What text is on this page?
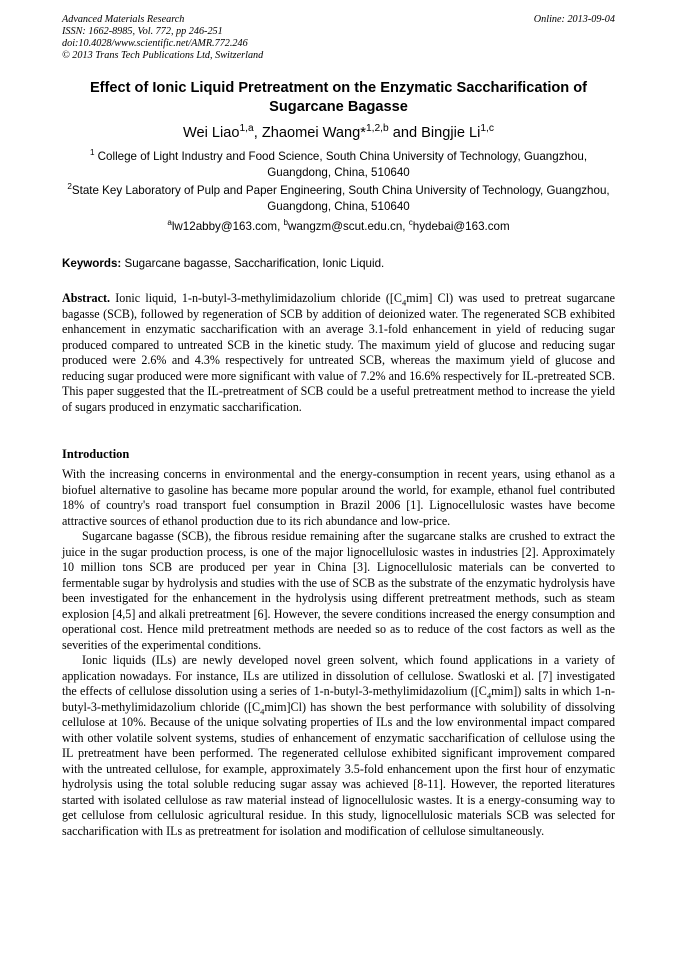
Advanced Materials Research
ISSN: 1662-8985, Vol. 772, pp 246-251
doi:10.4028/www.scientific.net/AMR.772.246
© 2013 Trans Tech Publications Ltd, Switzerland
Online: 2013-09-04
Effect of Ionic Liquid Pretreatment on the Enzymatic Saccharification of
Sugarcane Bagasse
Wei Liao$^{1,a}$, Zhaomei Wang*$^{1,2,b}$ and Bingjie Li$^{1,c}$
$^1$ College of Light Industry and Food Science, South China University of Technology, Guangzhou, Guangdong, China, 510640
$^2$State Key Laboratory of Pulp and Paper Engineering, South China University of Technology, Guangzhou, Guangdong, China, 510640
$^a$lw12abby@163.com, $^b$wangzm@scut.edu.cn, $^c$hydebai@163.com
Keywords: Sugarcane bagasse, Saccharification, Ionic Liquid.
Abstract. Ionic liquid, 1-n-butyl-3-methylimidazolium chloride ($[C_4mim]$ Cl) was used to pretreat sugarcane bagasse (SCB), followed by regeneration of SCB by addition of deionized water. The regenerated SCB exhibited enhancement in enzymatic saccharification with an average 3.1-fold enhancement in yield of reducing sugar produced compared to untreated SCB in the kinetic study. The maximum yield of glucose and reducing sugar produced were 2.6% and 4.3% respectively for untreated SCB, whereas the maximum yield of glucose and reducing sugar produced were more significant with value of 7.2% and 16.6% respectively for IL-pretreated SCB. This paper suggested that the IL-pretreatment of SCB could be a useful pretreatment method to increase the yield of sugars produced in enzymatic saccharification.
Introduction

With the increasing concerns in environmental and the energy-consumption in recent years, using ethanol as a biofuel alternative to gasoline has became more popular around the world, for example, ethanol fuel contributed 18% of country's road transport fuel consumption in Brazil 2006 [1]. Lignocellulosic wastes have become attractive sources of ethanol production due to its rich abundance and low-price.

Sugarcane bagasse (SCB), the fibrous residue remaining after the sugarcane stalks are crushed to extract the juice in the sugar production process, is one of the major lignocellulosic wastes in industries [2]. Approximately 10 million tons SCB are produced per year in China [3]. Lignocellulosic materials can be converted to fermentable sugar by hydrolysis and studies with the use of SCB as the substrate of the enzymatic hydrolysis have been investigated for the enhancement in the hydrolysis using different pretreatment methods, such as steam explosion [4,5] and alkali pretreatment [6]. However, the severe conditions increased the energy consumption and operational cost. Hence mild pretreatment methods are needed so as to reduce of the cost factors as well as the severities of the experimental conditions.

Ionic liquids (ILs) are newly developed novel green solvent, which found applications in a variety of application nowadays. For instance, ILs are utilized in dissolution of cellulose. Swatloski et al. [7] investigated the effects of cellulose dissolution using a series of 1-n-butyl-3-methylimidazolium $([C_4mim])$ salts in which 1-n-butyl-3-methylimidazolium chloride $([C_4mim]Cl)$ has shown the best performance with solubility of dissolving cellulose at 10%. Because of the unique solvating properties of ILs and the low environmental impact compared with other volatile solvent systems, studies of enhancement of enzymatic saccharification of cellulose using the IL pretreatment have been performed. The regenerated cellulose exhibited significant improvement compared with the untreated cellulose, for example, approximately 3.5-fold enhancement upon the first hour of enzymatic hydrolysis using the total soluble reducing sugar assay was achieved [8-11]. However, the reported literatures started with isolated cellulose as raw material instead of lignocellulosic wastes. It is a energy-consuming way to get cellulose from cellulosic agricultural residue. In this study, lignocellulosic materials SCB was selected for saccharification with ILs as pretreatment for isolation and modification of cellulose simultaneously.
